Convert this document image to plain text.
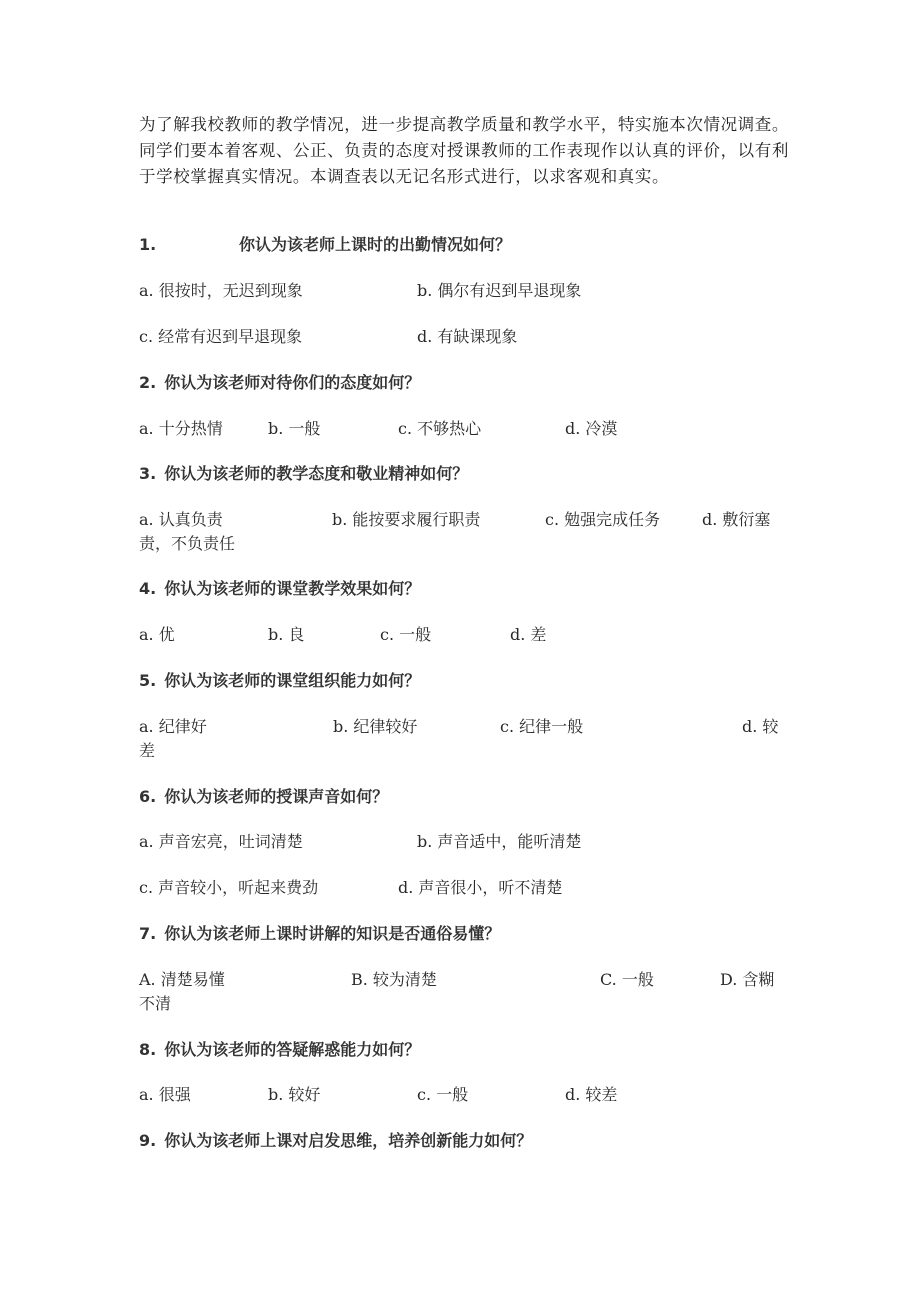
为了解我校教师的教学情况，进一步提高教学质量和教学水平，特实施本次情况调查。同学们要本着客观、公正、负责的态度对授课教师的工作表现作以认真的评价，以有利于学校掌握真实情况。本调查表以无记名形式进行，以求客观和真实。
1.	你认为该老师上课时的出勤情况如何？
a. 很按时，无迟到现象	b. 偶尔有迟到早退现象
c. 经常有迟到早退现象	d. 有缺课现象
2. 你认为该老师对待你们的态度如何？
a. 十分热情	b. 一般	c. 不够热心	d. 冷漠
3. 你认为该老师的教学态度和敬业精神如何？
a. 认真负责	b. 能按要求履行职责	c. 勉强完成任务	d. 敷衍塞
责，不负责任
4. 你认为该老师的课堂教学效果如何？
a. 优	b. 良	c. 一般	d. 差
5. 你认为该老师的课堂组织能力如何？
a. 纪律好	b. 纪律较好	c. 纪律一般	d. 较
差
6. 你认为该老师的授课声音如何？
a. 声音宏亮，吐词清楚	b. 声音适中，能听清楚
c. 声音较小，听起来费劲	d. 声音很小，听不清楚
7. 你认为该老师上课时讲解的知识是否通俗易懂？
A. 清楚易懂	B. 较为清楚	C. 一般	D. 含糊
不清
8. 你认为该老师的答疑解惑能力如何？
a. 很强	b. 较好	c. 一般	d. 较差
9. 你认为该老师上课对启发思维，培养创新能力如何？
